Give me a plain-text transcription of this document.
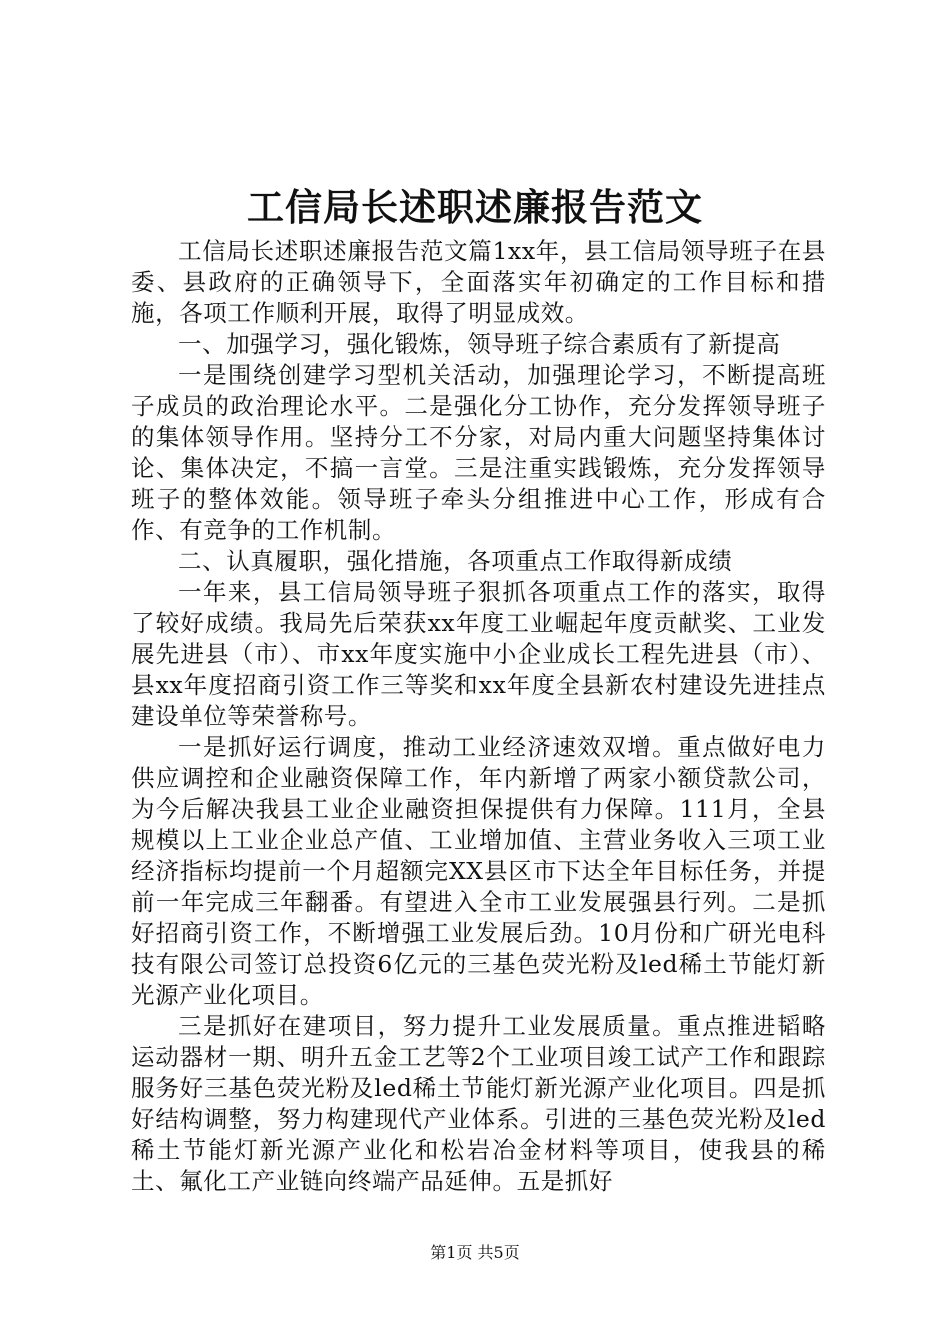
工信局长述职述廉报告范文

工信局长述职述廉报告范文篇1xx年，县工信局领导班子在县委、县政府的正确领导下，全面落实年初确定的工作目标和措施，各项工作顺利开展，取得了明显成效。

一、加强学习，强化锻炼，领导班子综合素质有了新提高

一是围绕创建学习型机关活动，加强理论学习，不断提高班子成员的政治理论水平。二是强化分工协作，充分发挥领导班子的集体领导作用。坚持分工不分家，对局内重大问题坚持集体讨论、集体决定，不搞一言堂。三是注重实践锻炼，充分发挥领导班子的整体效能。领导班子牵头分组推进中心工作，形成有合作、有竞争的工作机制。

二、认真履职，强化措施，各项重点工作取得新成绩

一年来，县工信局领导班子狠抓各项重点工作的落实，取得了较好成绩。我局先后荣获xx年度工业崛起年度贡献奖、工业发展先进县（市）、市xx年度实施中小企业成长工程先进县（市）、县xx年度招商引资工作三等奖和xx年度全县新农村建设先进挂点建设单位等荣誉称号。

一是抓好运行调度，推动工业经济速效双增。重点做好电力供应调控和企业融资保障工作，年内新增了两家小额贷款公司，为今后解决我县工业企业融资担保提供有力保障。111月，全县规模以上工业企业总产值、工业增加值、主营业务收入三项工业经济指标均提前一个月超额完XX县区市下达全年目标任务，并提前一年完成三年翻番。有望进入全市工业发展强县行列。二是抓好招商引资工作，不断增强工业发展后劲。10月份和广研光电科技有限公司签订总投资6亿元的三基色荧光粉及led稀土节能灯新光源产业化项目。

三是抓好在建项目，努力提升工业发展质量。重点推进韬略运动器材一期、明升五金工艺等2个工业项目竣工试产工作和跟踪服务好三基色荧光粉及led稀土节能灯新光源产业化项目。四是抓好结构调整，努力构建现代产业体系。引进的三基色荧光粉及led稀土节能灯新光源产业化和松岩冶金材料等项目，使我县的稀土、氟化工产业链向终端产品延伸。五是抓好

第1页 共5页
